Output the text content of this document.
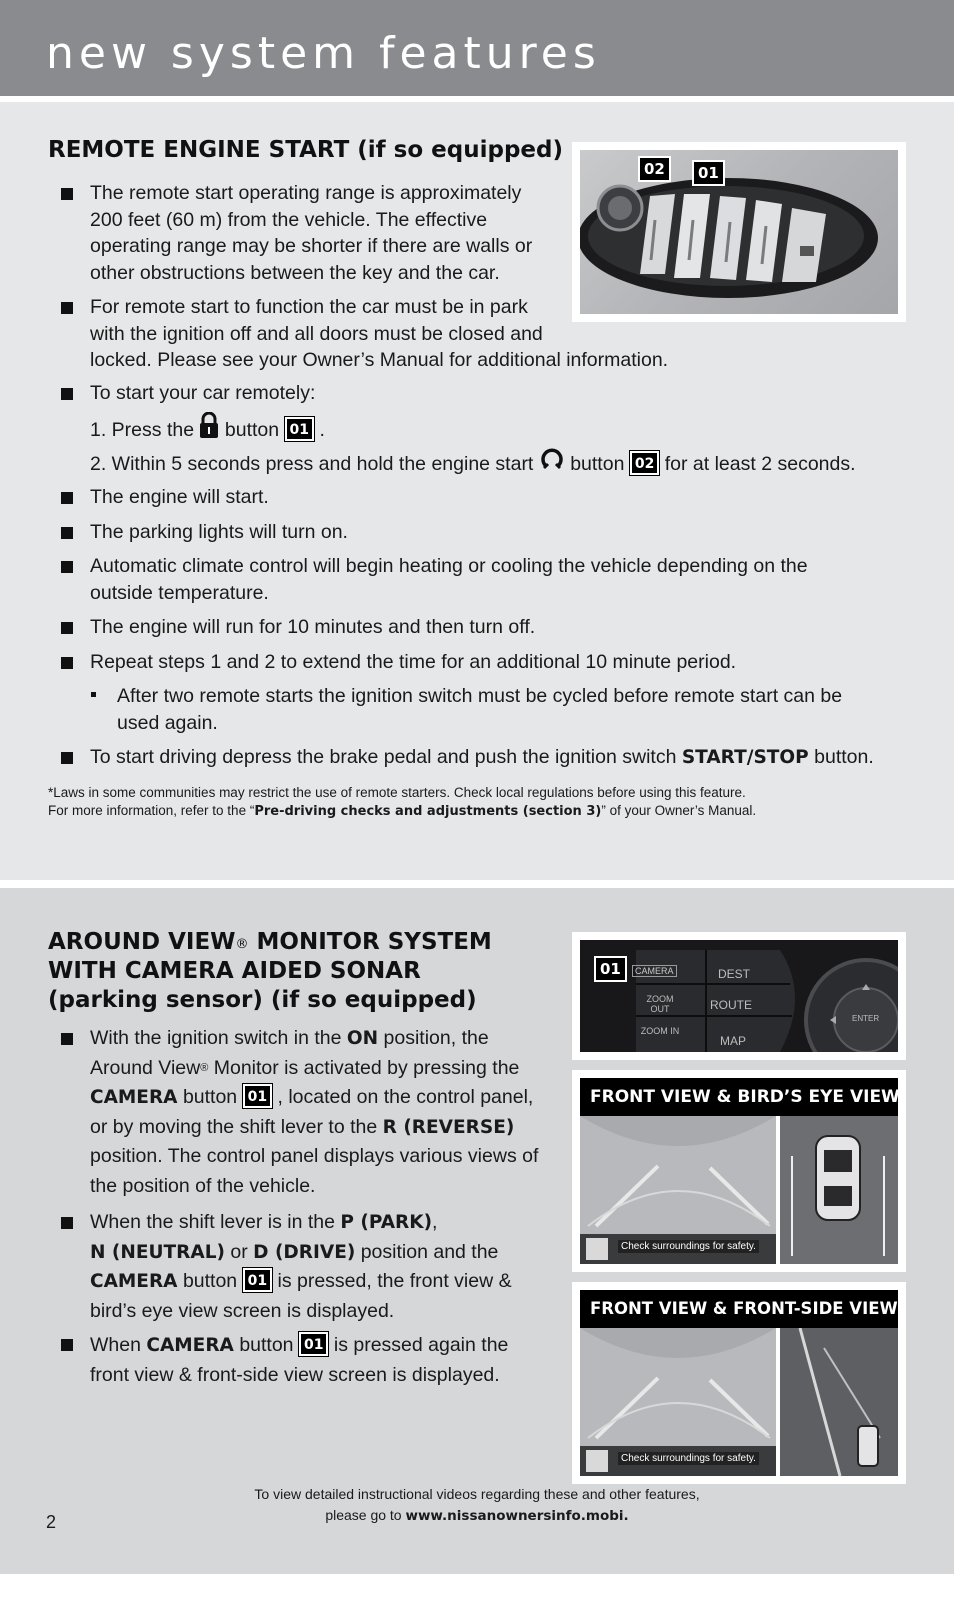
new system features
REMOTE ENGINE START (if so equipped)
02	01
The remote start operating range is approximately
200 feet (60 m) from the vehicle. The effective
operating range may be shorter if there are walls or
other obstructions between the key and the car.
For remote start to function the car must be in park
with the ignition off and all doors must be closed and
locked. Please see your Owner’s Manual for additional information.
To start your car remotely:
1. Press the button 01 .
2. Within 5 seconds press and hold the engine start button 02 for at least 2 seconds.
The engine will start.
The parking lights will turn on.
Automatic climate control will begin heating or cooling the vehicle depending on the
outside temperature.
The engine will run for 10 minutes and then turn off.
Repeat steps 1 and 2 to extend the time for an additional 10 minute period.
After two remote starts the ignition switch must be cycled before remote start can be
used again.
To start driving depress the brake pedal and push the ignition switch START/STOP button.
*Laws in some communities may restrict the use of remote starters. Check local regulations before using this feature.
For more information, refer to the “Pre-driving checks and adjustments (section 3)” of your Owner’s Manual.
AROUND VIEW® MONITOR SYSTEM
WITH CAMERA AIDED SONAR
(parking sensor) (if so equipped)
With the ignition switch in the ON position, the
Around View® Monitor is activated by pressing the
CAMERA button 01 , located on the control panel,
or by moving the shift lever to the R (REVERSE)
position. The control panel displays various views of
the position of the vehicle.
When the shift lever is in the P (PARK),
N (NEUTRAL) or D (DRIVE) position and the
CAMERA button 01 is pressed, the front view &
bird’s eye view screen is displayed.
When CAMERA button 01 is pressed again the
front view & front-side view screen is displayed.
CAMERA
ZOOM OUT
ZOOM IN
DEST
ROUTE
MAP
ENTER
01
FRONT VIEW & BIRD’S EYE VIEW
Check surroundings for safety.
FRONT VIEW & FRONT-SIDE VIEW
Check surroundings for safety.
To view detailed instructional videos regarding these and other features,
please go to www.nissanownersinfo.mobi.
2
